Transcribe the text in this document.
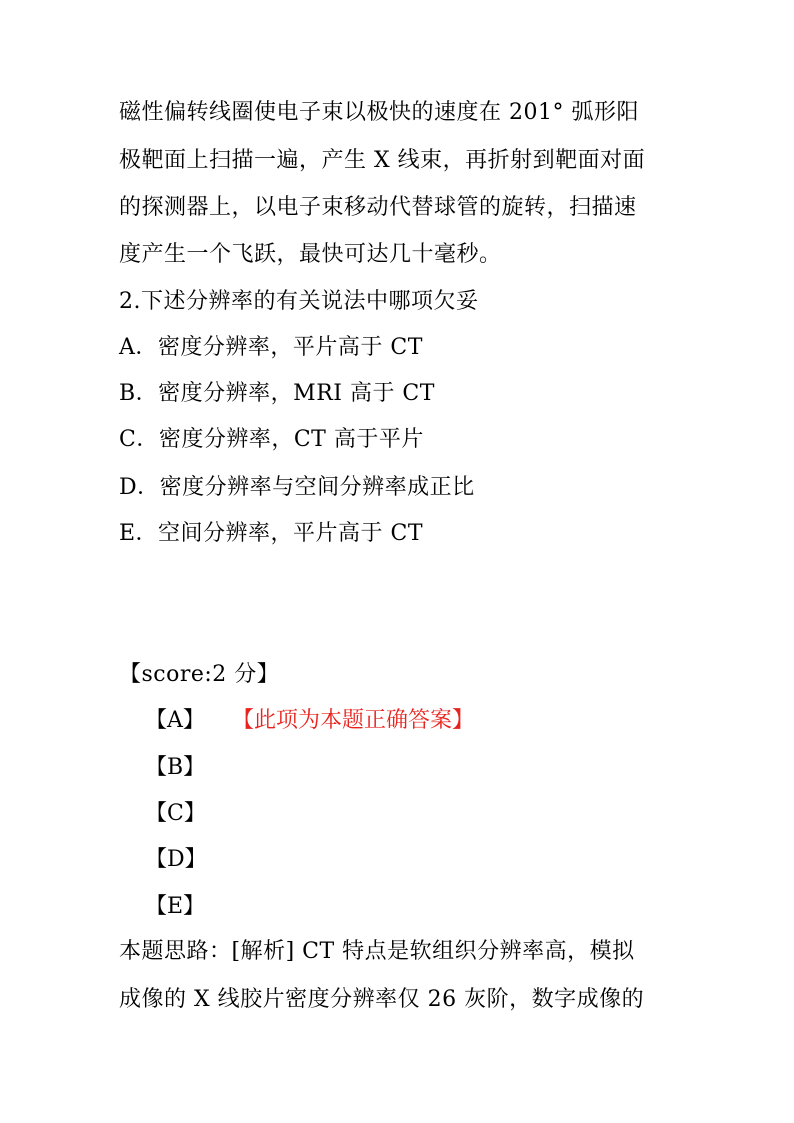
磁性偏转线圈使电子束以极快的速度在 201° 弧形阳
极靶面上扫描一遍，产生 X 线束，再折射到靶面对面
的探测器上，以电子束移动代替球管的旋转，扫描速
度产生一个飞跃，最快可达几十毫秒。
2.下述分辨率的有关说法中哪项欠妥
A．密度分辨率，平片高于 CT
B．密度分辨率，MRI 高于 CT
C．密度分辨率，CT 高于平片
D．密度分辨率与空间分辨率成正比
E．空间分辨率，平片高于 CT
【score:2 分】
【A】 【此项为本题正确答案】
【B】
【C】
【D】
【E】
本题思路：[解析] CT 特点是软组织分辨率高，模拟
成像的 X 线胶片密度分辨率仅 26 灰阶，数字成像的
